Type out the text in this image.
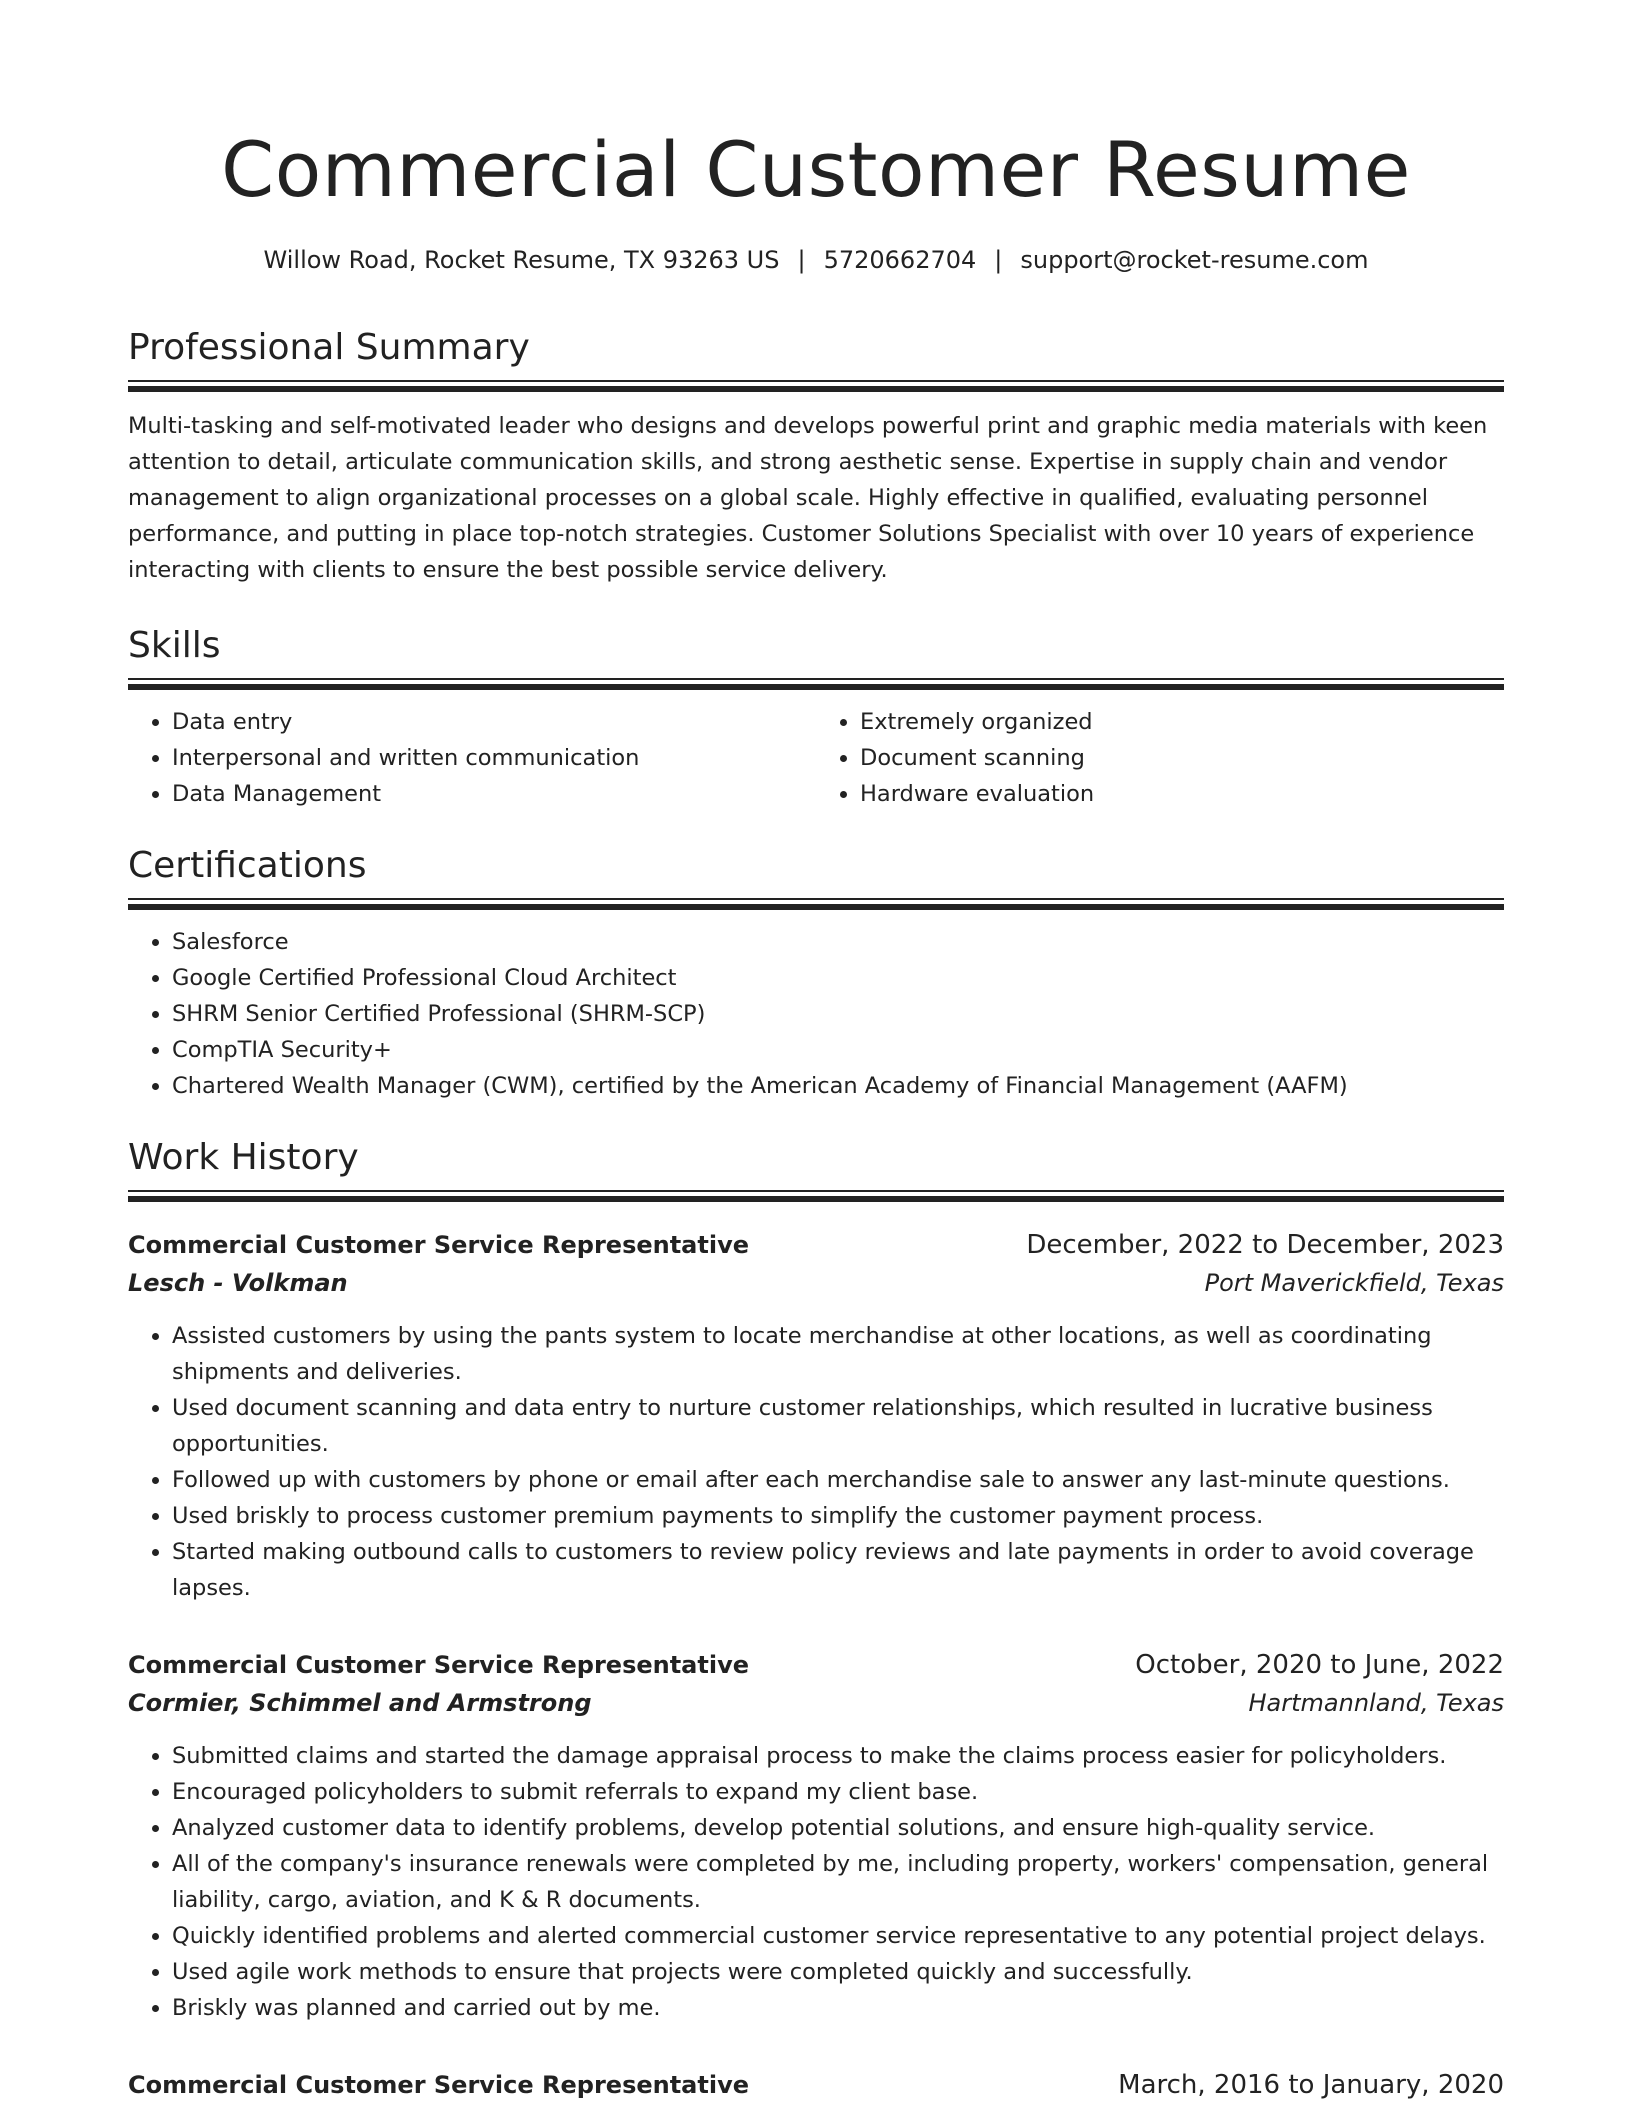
Commercial Customer Resume
Willow Road, Rocket Resume, TX 93263 US | 5720662704 | support@rocket-resume.com
Professional Summary

Multi-tasking and self-motivated leader who designs and develops powerful print and graphic media materials with keen attention to detail, articulate communication skills, and strong aesthetic sense. Expertise in supply chain and vendor management to align organizational processes on a global scale. Highly effective in qualified, evaluating personnel performance, and putting in place top-notch strategies. Customer Solutions Specialist with over 10 years of experience interacting with clients to ensure the best possible service delivery.

Skills
• Data entry
• Interpersonal and written communication
• Data Management
• Extremely organized
• Document scanning
• Hardware evaluation
Certifications
• Salesforce
• Google Certified Professional Cloud Architect
• SHRM Senior Certified Professional (SHRM-SCP)
• CompTIA Security+
• Chartered Wealth Manager (CWM), certified by the American Academy of Financial Management (AAFM)
Work History
Commercial Customer Service Representative	December, 2022 to December, 2023
Lesch - Volkman	Port Maverickfield, Texas
• Assisted customers by using the pants system to locate merchandise at other locations, as well as coordinating shipments and deliveries.
• Used document scanning and data entry to nurture customer relationships, which resulted in lucrative business opportunities.
• Followed up with customers by phone or email after each merchandise sale to answer any last-minute questions.
• Used briskly to process customer premium payments to simplify the customer payment process.
• Started making outbound calls to customers to review policy reviews and late payments in order to avoid coverage lapses.
Commercial Customer Service Representative	October, 2020 to June, 2022
Cormier, Schimmel and Armstrong	Hartmannland, Texas
• Submitted claims and started the damage appraisal process to make the claims process easier for policyholders.
• Encouraged policyholders to submit referrals to expand my client base.
• Analyzed customer data to identify problems, develop potential solutions, and ensure high-quality service.
• All of the company's insurance renewals were completed by me, including property, workers' compensation, general liability, cargo, aviation, and K & R documents.
• Quickly identified problems and alerted commercial customer service representative to any potential project delays.
• Used agile work methods to ensure that projects were completed quickly and successfully.
• Briskly was planned and carried out by me.
Commercial Customer Service Representative	March, 2016 to January, 2020
